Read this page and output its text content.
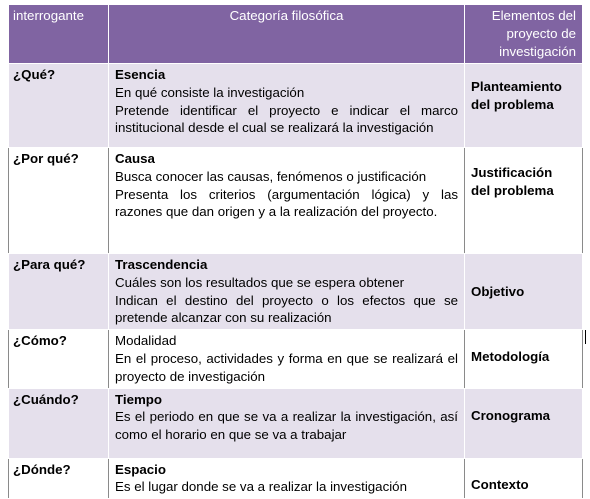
interrogante	Categoría filosófica	Elementos del
proyecto de
investigación
¿Qué?	Esencia
En qué consiste la investigación
Pretende identificar el proyecto e indicar el marco institucional desde el cual se realizará la investigación	Planteamiento
del problema
¿Por qué?	Causa
Busca conocer las causas, fenómenos o justificación
Presenta los criterios (argumentación lógica) y las razones que dan origen y a la realización del proyecto.	Justificación
del problema
¿Para qué?	Trascendencia
Cuáles son los resultados que se espera obtener
Indican el destino del proyecto o los efectos que se pretende alcanzar con su realización	Objetivo
¿Cómo?	Modalidad
En el proceso, actividades y forma en que se realizará el proyecto de investigación	Metodología
¿Cuándo?	Tiempo
Es el periodo en que se va a realizar la investigación, así como el horario en que se va a trabajar	Cronograma
¿Dónde?	Espacio
Es el lugar donde se va a realizar la investigación	Contexto
